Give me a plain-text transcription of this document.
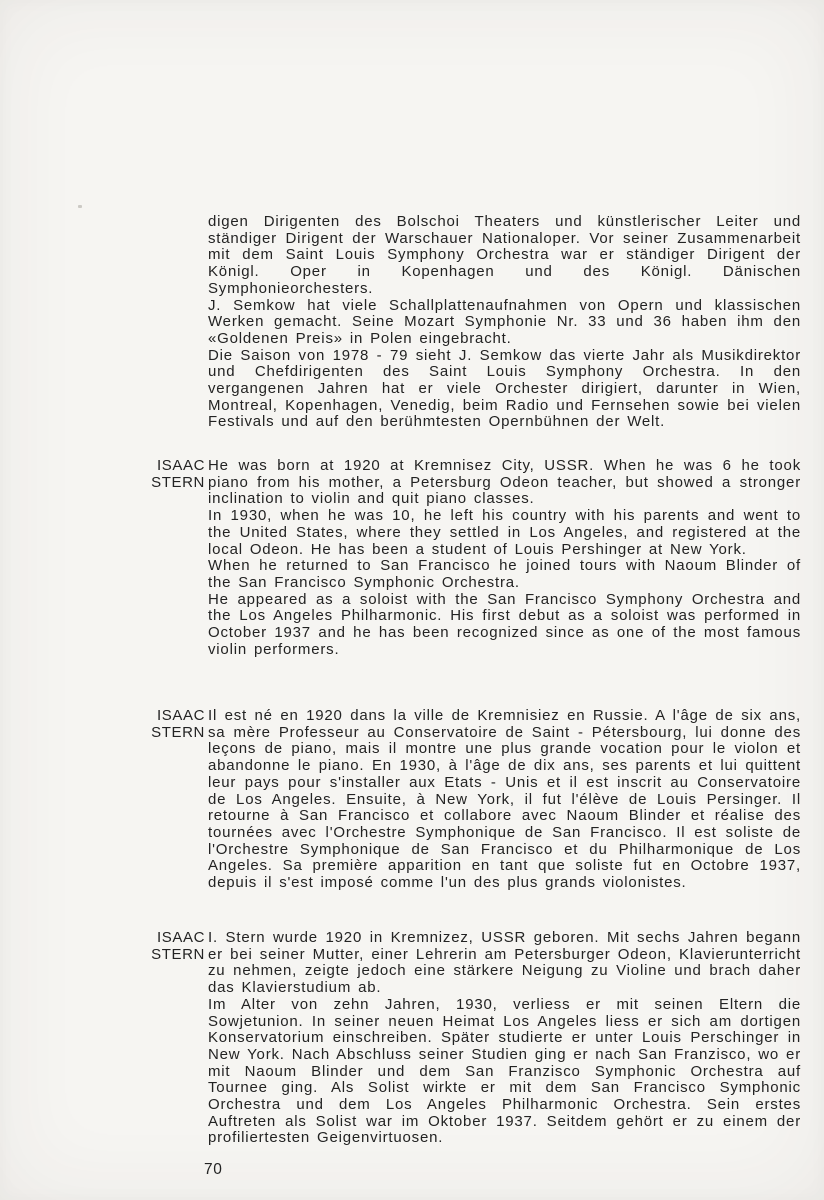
digen Dirigenten des Bolschoi Theaters und künstlerischer Leiter und ständiger Dirigent der Warschauer Nationaloper. Vor seiner Zusammenarbeit mit dem Saint Louis Symphony Orchestra war er ständiger Dirigent der Königl. Oper in Kopenhagen und des Königl. Dänischen Symphonieorchesters.

J. Semkow hat viele Schallplattenaufnahmen von Opern und klassischen Werken gemacht. Seine Mozart Symphonie Nr. 33 und 36 haben ihm den «Goldenen Preis» in Polen eingebracht.

Die Saison von 1978 - 79 sieht J. Semkow das vierte Jahr als Musikdirektor und Chefdirigenten des Saint Louis Symphony Orchestra. In den vergangenen Jahren hat er viele Orchester dirigiert, darunter in Wien, Montreal, Kopenhagen, Venedig, beim Radio und Fernsehen sowie bei vielen Festivals und auf den berühmtesten Opernbühnen der Welt.

ISAAC STERN

He was born at 1920 at Kremnisez City, USSR. When he was 6 he took piano from his mother, a Petersburg Odeon teacher, but showed a stronger inclination to violin and quit piano classes.

In 1930, when he was 10, he left his country with his parents and went to the United States, where they settled in Los Angeles, and registered at the local Odeon. He has been a student of Louis Pershinger at New York.

When he returned to San Francisco he joined tours with Naoum Blinder of the San Francisco Symphonic Orchestra.

He appeared as a soloist with the San Francisco Symphony Orchestra and the Los Angeles Philharmonic. His first debut as a soloist was performed in October 1937 and he has been recognized since as one of the most famous violin performers.

ISAAC STERN

Il est né en 1920 dans la ville de Kremnisiez en Russie. A l'âge de six ans, sa mère Professeur au Conservatoire de Saint - Pétersbourg, lui donne des leçons de piano, mais il montre une plus grande vocation pour le violon et abandonne le piano. En 1930, à l'âge de dix ans, ses parents et lui quittent leur pays pour s'installer aux Etats - Unis et il est inscrit au Conservatoire de Los Angeles. Ensuite, à New York, il fut l'élève de Louis Persinger. Il retourne à San Francisco et collabore avec Naoum Blinder et réalise des tournées avec l'Orchestre Symphonique de San Francisco. Il est soliste de l'Orchestre Symphonique de San Francisco et du Philharmonique de Los Angeles. Sa première apparition en tant que soliste fut en Octobre 1937, depuis il s'est imposé comme l'un des plus grands violonistes.

ISAAC STERN

I. Stern wurde 1920 in Kremnizez, USSR geboren. Mit sechs Jahren begann er bei seiner Mutter, einer Lehrerin am Petersburger Odeon, Klavierunterricht zu nehmen, zeigte jedoch eine stärkere Neigung zu Violine und brach daher das Klavierstudium ab.

Im Alter von zehn Jahren, 1930, verliess er mit seinen Eltern die Sowjetunion. In seiner neuen Heimat Los Angeles liess er sich am dortigen Konservatorium einschreiben. Später studierte er unter Louis Perschinger in New York. Nach Abschluss seiner Studien ging er nach San Franzisco, wo er mit Naoum Blinder und dem San Franzisco Symphonic Orchestra auf Tournee ging. Als Solist wirkte er mit dem San Francisco Symphonic Orchestra und dem Los Angeles Philharmonic Orchestra. Sein erstes Auftreten als Solist war im Oktober 1937. Seitdem gehört er zu einem der profiliertesten Geigenvirtuosen.

70
